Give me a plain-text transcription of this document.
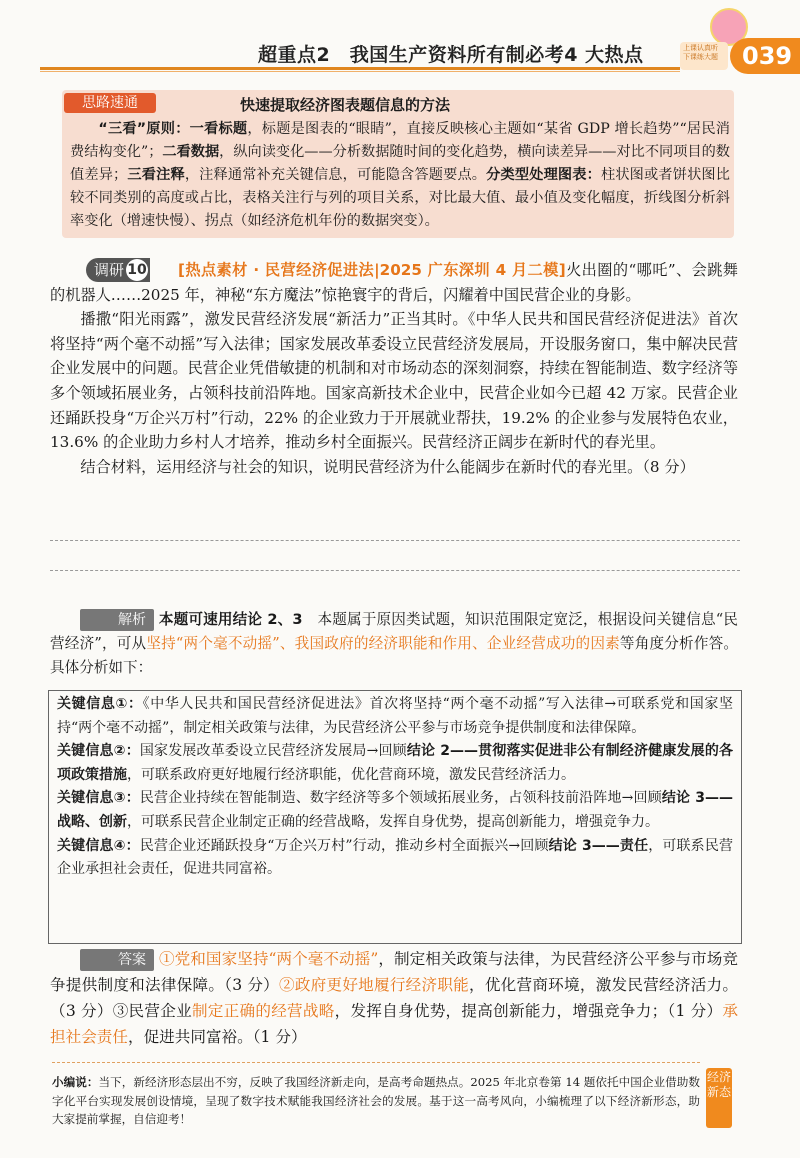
超重点2　我国生产资料所有制必考4 大热点	上课认真听 下课练大题	039
思路速通	快速提取经济图表题信息的方法
“三看”原则：一看标题，标题是图表的“眼睛”，直接反映核心主题如“某省 GDP 增长趋势”“居民消费结构变化”；二看数据，纵向读变化——分析数据随时间的变化趋势，横向读差异——对比不同项目的数值差异；三看注释，注释通常补充关键信息，可能隐含答题要点。分类型处理图表：柱状图或者饼状图比较不同类别的高度或占比，表格关注行与列的项目关系，对比最大值、最小值及变化幅度，折线图分析斜率变化（增速快慢）、拐点（如经济危机年份的数据突变）。
调研 10	[热点素材 · 民营经济促进法|2025 广东深圳 4 月二模]火出圈的“哪吒”、会跳舞的机器人……2025 年，神秘“东方魔法”惊艳寰宇的背后，闪耀着中国民营企业的身影。

播撒“阳光雨露”，激发民营经济发展“新活力”正当其时。《中华人民共和国民营经济促进法》首次将坚持“两个毫不动摇”写入法律；国家发展改革委设立民营经济发展局，开设服务窗口，集中解决民营企业发展中的问题。民营企业凭借敏捷的机制和对市场动态的深刻洞察，持续在智能制造、数字经济等多个领域拓展业务，占领科技前沿阵地。国家高新技术企业中，民营企业如今已超 42 万家。民营企业还踊跃投身“万企兴万村”行动，22% 的企业致力于开展就业帮扶，19.2% 的企业参与发展特色农业，13.6% 的企业助力乡村人才培养，推动乡村全面振兴。民营经济正阔步在新时代的春光里。

结合材料，运用经济与社会的知识，说明民营经济为什么能阔步在新时代的春光里。（8 分）

解析 本题可速用结论 2、3　本题属于原因类试题，知识范围限定宽泛，根据设问关键信息“民营经济”，可从坚持“两个毫不动摇”、我国政府的经济职能和作用、企业经营成功的因素等角度分析作答。具体分析如下：

关键信息①：《中华人民共和国民营经济促进法》首次将坚持“两个毫不动摇”写入法律→可联系党和国家坚持“两个毫不动摇”，制定相关政策与法律，为民营经济公平参与市场竞争提供制度和法律保障。

关键信息②：国家发展改革委设立民营经济发展局→回顾结论 2——贯彻落实促进非公有制经济健康发展的各项政策措施，可联系政府更好地履行经济职能，优化营商环境，激发民营经济活力。

关键信息③：民营企业持续在智能制造、数字经济等多个领域拓展业务，占领科技前沿阵地→回顾结论 3——战略、创新，可联系民营企业制定正确的经营战略，发挥自身优势，提高创新能力，增强竞争力。

关键信息④：民营企业还踊跃投身“万企兴万村”行动，推动乡村全面振兴→回顾结论 3——责任，可联系民营企业承担社会责任，促进共同富裕。

答案 ①党和国家坚持“两个毫不动摇”，制定相关政策与法律，为民营经济公平参与市场竞争提供制度和法律保障。（3 分）②政府更好地履行经济职能，优化营商环境，激发民营经济活力。（3 分）③民营企业制定正确的经营战略，发挥自身优势，提高创新能力，增强竞争力；（1 分）承担社会责任，促进共同富裕。（1 分）

小编说：当下，新经济形态层出不穷，反映了我国经济新走向，是高考命题热点。2025 年北京卷第 14 题依托中国企业借助数字化平台实现发展创设情境，呈现了数字技术赋能我国经济社会的发展。基于这一高考风向，小编梳理了以下经济新形态，助大家提前掌握，自信迎考！
经济新态
